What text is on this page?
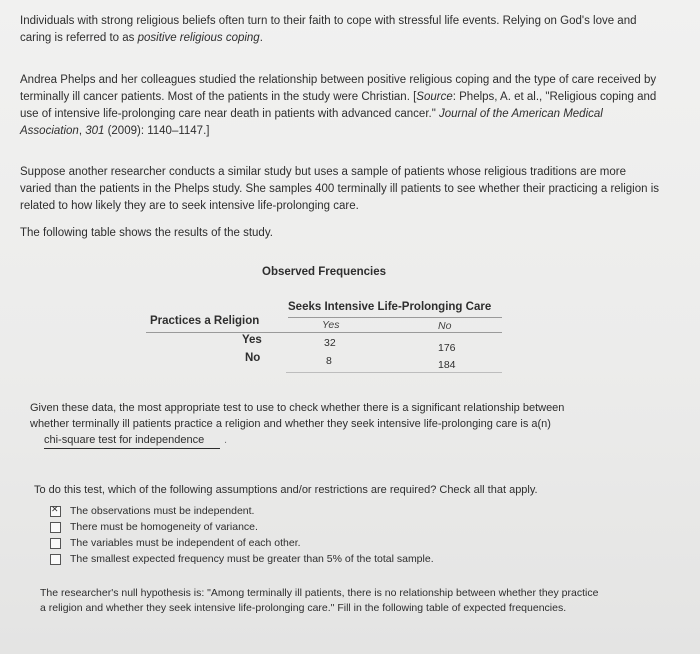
Individuals with strong religious beliefs often turn to their faith to cope with stressful life events. Relying on God's love and caring is referred to as positive religious coping.
Andrea Phelps and her colleagues studied the relationship between positive religious coping and the type of care received by terminally ill cancer patients. Most of the patients in the study were Christian. [Source: Phelps, A. et al., "Religious coping and use of intensive life-prolonging care near death in patients with advanced cancer." Journal of the American Medical Association, 301 (2009): 1140–1147.]
Suppose another researcher conducts a similar study but uses a sample of patients whose religious traditions are more varied than the patients in the Phelps study. She samples 400 terminally ill patients to see whether their practicing a religion is related to how likely they are to seek intensive life-prolonging care.
The following table shows the results of the study.
Observed Frequencies
Seeks Intensive Life-Prolonging Care
Practices a Religion	Yes	No
Yes	32	176
No	8	184
Given these data, the most appropriate test to use to check whether there is a significant relationship between whether terminally ill patients practice a religion and whether they seek intensive life-prolonging care is a(n)
chi-square test for independence .
To do this test, which of the following assumptions and/or restrictions are required? Check all that apply.
✕
The observations must be independent.
There must be homogeneity of variance.
The variables must be independent of each other.
The smallest expected frequency must be greater than 5% of the total sample.
The researcher's null hypothesis is: "Among terminally ill patients, there is no relationship between whether they practice a religion and whether they seek intensive life-prolonging care." Fill in the following table of expected frequencies.
